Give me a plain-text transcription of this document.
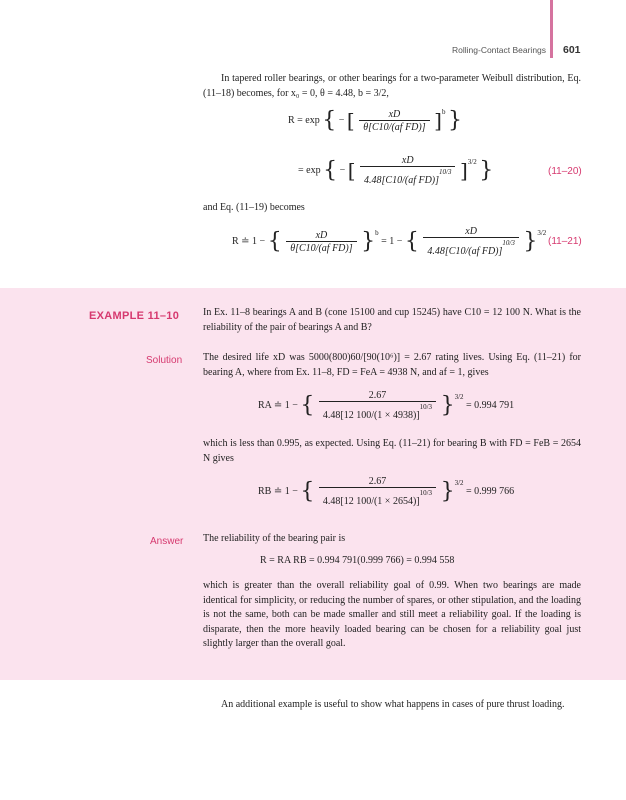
Rolling-Contact Bearings 601
In tapered roller bearings, or other bearings for a two-parameter Weibull distribution, Eq. (11–18) becomes, for x₀ = 0, θ = 4.48, b = 3/2,
R = exp { − [ $\frac{xD}{\text{θ[C10/(af FD)]}} ]^b$ }
= exp { − [ $\frac{xD}{4.48[C10/(af FD)]^{10/3}} ]^{3/2}$ }	(11–20)
and Eq. (11–19) becomes
R ≐ 1 − { $\frac{xD}{\text{θ[C10/(af FD)]}} \}^b = 1$ − { $\frac{xD}{4.48[C10/(af FD)]^{10/3}} \}^{3/2}$
(11–21)
EXAMPLE 11–10 In Ex. 11–8 bearings A and B (cone 15100 and cup 15245) have C10 = 12 100 N. What is the reliability of the pair of bearings A and B?
Solution The desired life xD was 5000(800)60/[90(10⁶)] = 2.67 rating lives. Using Eq. (11–21) for bearing A, where from Ex. 11–8, FD = FeA = 4938 N, and af = 1, gives
RA ≐ 1 − { $\frac{2.67}{4.48[12 100/(1 \times 4938)]^{10/3}} \}^{3/2} = 0.994$ 791
which is less than 0.995, as expected. Using Eq. (11–21) for bearing B with FD = FeB = 2654 N gives
RB ≐ 1 − { $\frac{2.67}{4.48[12 100/(1 \times 2654)]^{10/3}} \}^{3/2} = 0.999$ 766
Answer The reliability of the bearing pair is
R = RA RB = 0.994 791(0.999 766) = 0.994 558
which is greater than the overall reliability goal of 0.99. When two bearings are made identical for simplicity, or reducing the number of spares, or other stipulation, and the loading is not the same, both can be made smaller and still meet a reliability goal. If the loading is disparate, then the more heavily loaded bearing can be chosen for a reliability goal just slightly larger than the overall goal.
An additional example is useful to show what happens in cases of pure thrust loading.
